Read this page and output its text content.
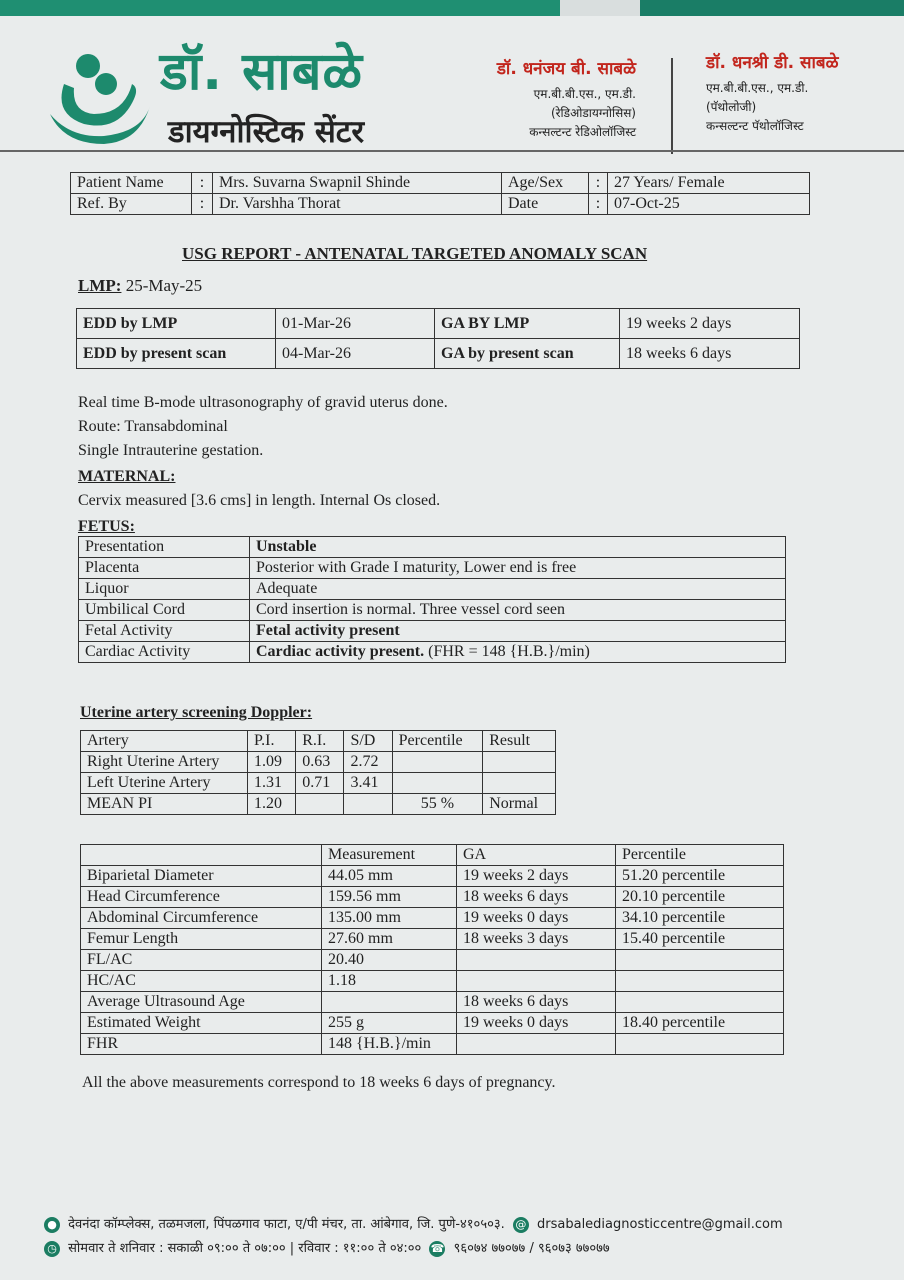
डॉ. साबळे
डायग्नोस्टिक सेंटर
डॉ. धनंजय बी. साबळे
एम.बी.बी.एस., एम.डी.
(रेडिओडायग्नोसिस)
कन्सल्टन्ट रेडिओलॉजिस्ट
डॉ. धनश्री डी. साबळे
एम.बी.बी.एस., एम.डी.
(पॅथोलोजी)
कन्सल्टन्ट पॅथोलॉजिस्ट
Patient Name	:	Mrs. Suvarna Swapnil Shinde	Age/Sex	:	27 Years/ Female
Ref. By	:	Dr. Varshha Thorat	Date	:	07-Oct-25
USG REPORT - ANTENATAL TARGETED ANOMALY SCAN
LMP: 25-May-25
EDD by LMP	01-Mar-26	GA BY LMP	19 weeks 2 days
EDD by present scan	04-Mar-26	GA by present scan	18 weeks 6 days
Real time B-mode ultrasonography of gravid uterus done.
Route: Transabdominal
Single Intrauterine gestation.
MATERNAL:
Cervix measured [3.6 cms] in length. Internal Os closed.
FETUS:
Presentation	Unstable
Placenta	Posterior with Grade I maturity, Lower end is free
Liquor	Adequate
Umbilical Cord	Cord insertion is normal. Three vessel cord seen
Fetal Activity	Fetal activity present
Cardiac Activity	Cardiac activity present. (FHR = 148 {H.B.}/min)
Uterine artery screening Doppler:
Artery	P.I.	R.I.	S/D	Percentile	Result
Right Uterine Artery	1.09	0.63	2.72		
Left Uterine Artery	1.31	0.71	3.41		
MEAN PI	1.20			55 %	Normal
	Measurement	GA	Percentile
Biparietal Diameter	44.05 mm	19 weeks 2 days	51.20 percentile
Head Circumference	159.56 mm	18 weeks 6 days	20.10 percentile
Abdominal Circumference	135.00 mm	19 weeks 0 days	34.10 percentile
Femur Length	27.60 mm	18 weeks 3 days	15.40 percentile
FL/AC	20.40		
HC/AC	1.18		
Average Ultrasound Age		18 weeks 6 days	
Estimated Weight	255 g	19 weeks 0 days	18.40 percentile
FHR	148 {H.B.}/min		
All the above measurements correspond to 18 weeks 6 days of pregnancy.
● देवनंदा कॉम्प्लेक्स, तळमजला, पिंपळगाव फाटा, ए/पी मंचर, ता. आंबेगाव, जि. पुणे-४१०५०३. @ drsabalediagnosticcentre@gmail.com
◷ सोमवार ते शनिवार : सकाळी ०९:०० ते ०७:०० | रविवार : ११:०० ते ०४:०० ☎ ९६०७४ ७७०७७ / ९६०७३ ७७०७७
